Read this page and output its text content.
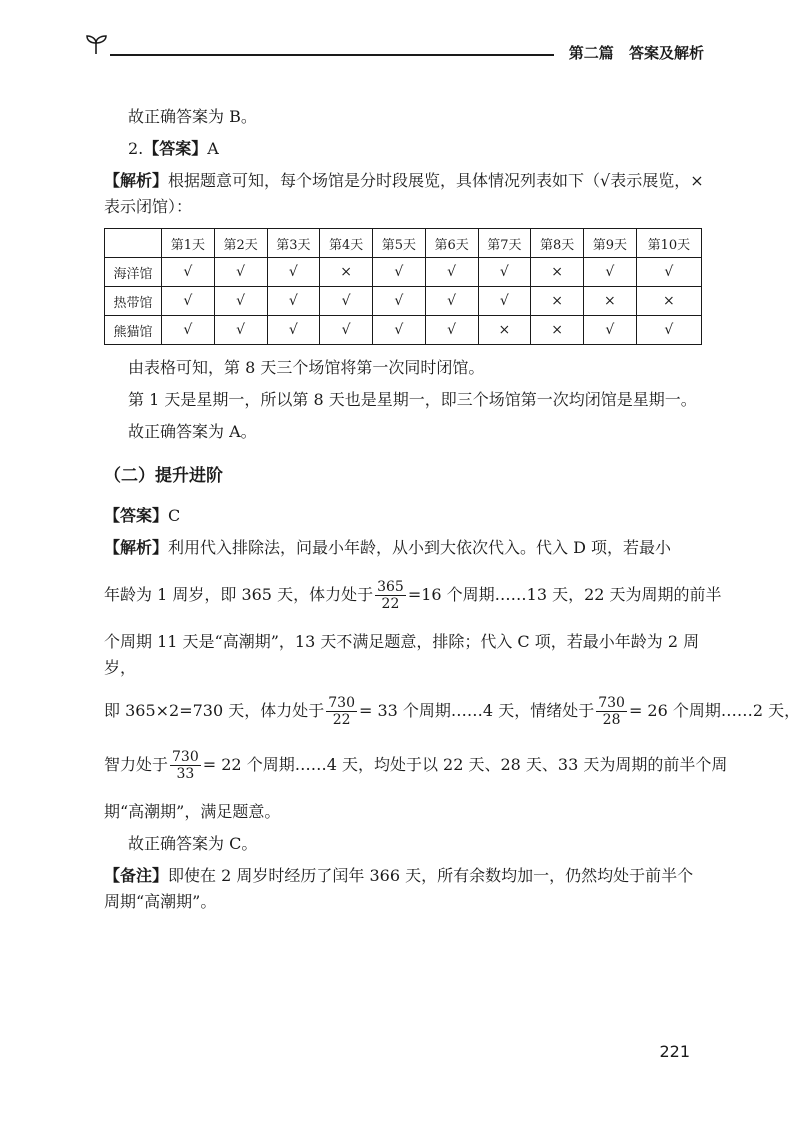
第二篇 答案及解析

故正确答案为 B。

2.【答案】A

【解析】根据题意可知，每个场馆是分时段展览，具体情况列表如下（√表示展览，× 表示闭馆）：

	第1天	第2天	第3天	第4天	第5天	第6天	第7天	第8天	第9天	第10天
海洋馆	√	√	√	×	√	√	√	×	√	√
热带馆	√	√	√	√	√	√	√	×	×	×
熊猫馆	√	√	√	√	√	√	×	×	√	√

由表格可知，第 8 天三个场馆将第一次同时闭馆。

第 1 天是星期一，所以第 8 天也是星期一，即三个场馆第一次均闭馆是星期一。

故正确答案为 A。

（二）提升进阶

【答案】C

【解析】利用代入排除法，问最小年龄，从小到大依次代入。代入 D 项，若最小

年龄为 1 周岁，即 365 天，体力处于 $\frac{365}{22} =16$ 个周期……13 天，22 天为周期的前半

个周期 11 天是“高潮期”，13 天不满足题意，排除；代入 C 项，若最小年龄为 2 周岁，

即 365×2=730 天，体力处于 $\frac{730}{22} = 33$ 个周期……4 天，情绪处于 $\frac{730}{28} = 26$ 个周期……2 天，
智力处于 $\frac{730}{33} = 22$ 个周期……4 天，均处于以 22 天、28 天、33 天为周期的前半个周

期“高潮期”，满足题意。

故正确答案为 C。

【备注】即使在 2 周岁时经历了闰年 366 天，所有余数均加一，仍然均处于前半个周期“高潮期”。

221
